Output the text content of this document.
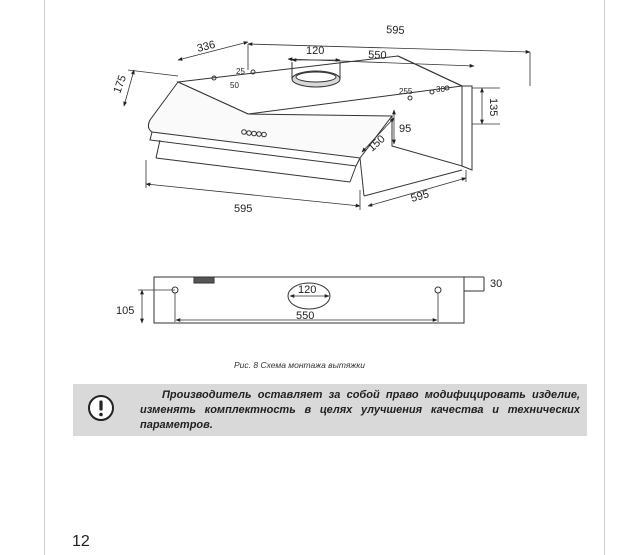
595
336
175
120	550
25
50
255	30
135
95
150
595
595
105
120
550
30
Рис. 8 Схема монтажа вытяжки
Производитель оставляет за собой право модифицировать изделие, изменять комплектность в целях улучшения качества и технических параметров.
12
